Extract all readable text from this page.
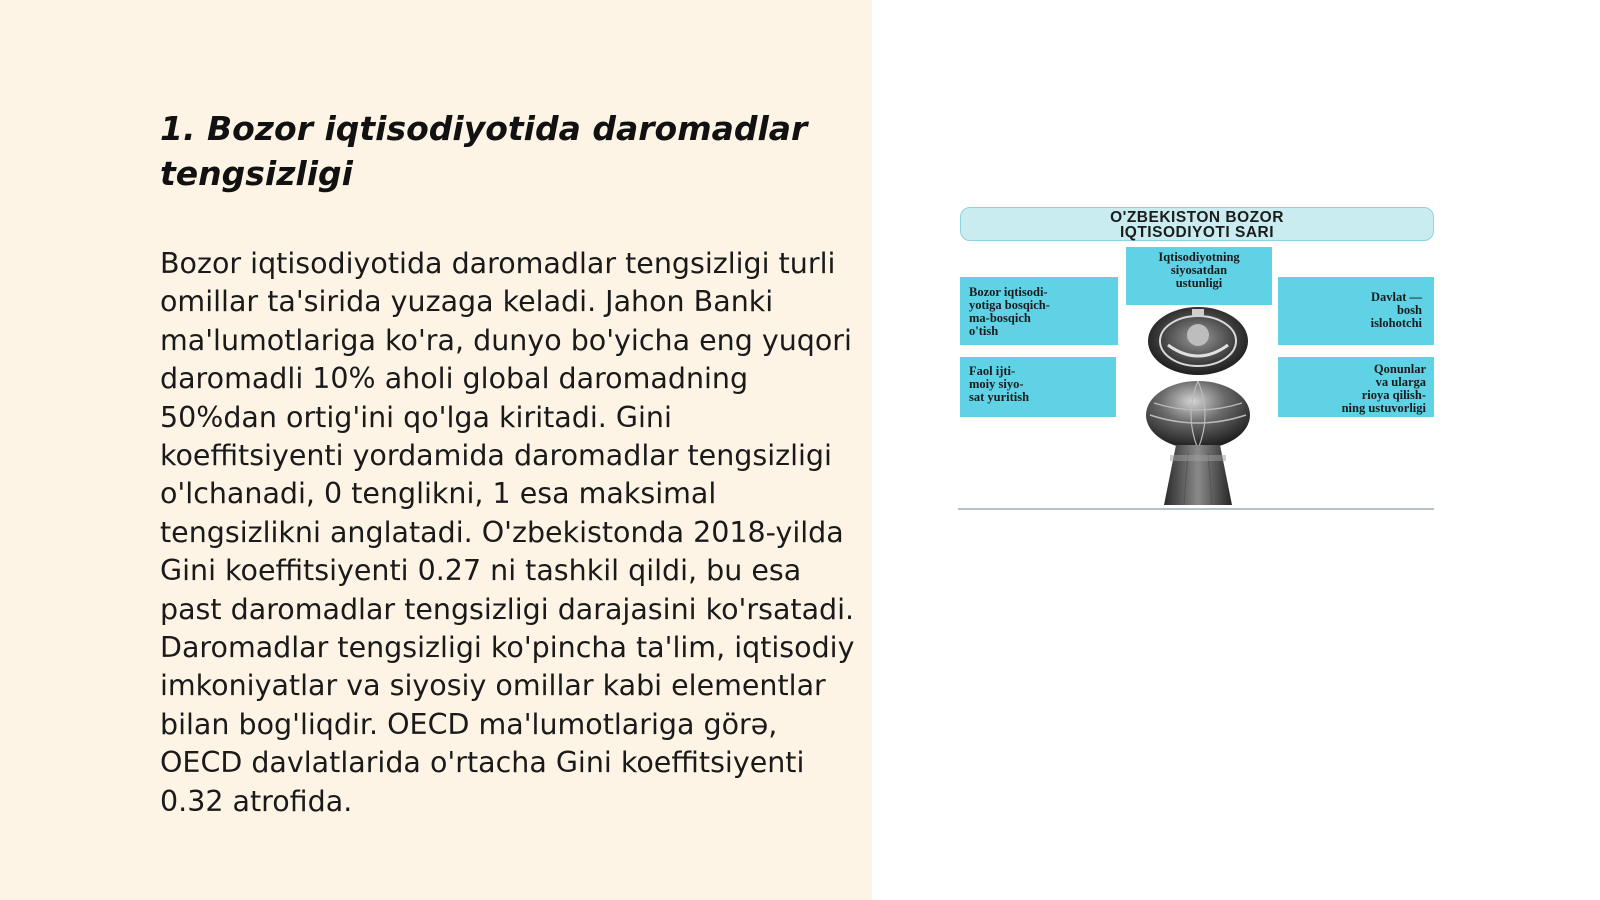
1. Bozor iqtisodiyotida daromadlar tengsizligi

Bozor iqtisodiyotida daromadlar tengsizligi turli omillar ta'sirida yuzaga keladi. Jahon Banki ma'lumotlariga ko'ra, dunyo bo'yicha eng yuqori daromadli 10% aholi global daromadning 50%dan ortig'ini qo'lga kiritadi. Gini koeffitsiyenti yordamida daromadlar tengsizligi o'lchanadi, 0 tenglikni, 1 esa maksimal tengsizlikni anglatadi. O'zbekistonda 2018-yilda Gini koeffitsiyenti 0.27 ni tashkil qildi, bu esa past daromadlar tengsizligi darajasini ko'rsatadi. Daromadlar tengsizligi ko'pincha ta'lim, iqtisodiy imkoniyatlar va siyosiy omillar kabi elementlar bilan bog'liqdir. OECD ma'lumotlariga görə, OECD davlatlarida o'rtacha Gini koeffitsiyenti 0.32 atrofida.

O'ZBEKISTON BOZOR
IQTISODIYOTI SARI
Iqtisodiyotning
siyosatdan
ustunligi
Bozor iqtisodi-
yotiga bosqich-
ma-bosqich
o'tish
Davlat —
bosh
islohotchi
Faol ijti-
moiy siyo-
sat yuritish
Qonunlar
va ularga
rioya qilish-
ning ustuvorligi
